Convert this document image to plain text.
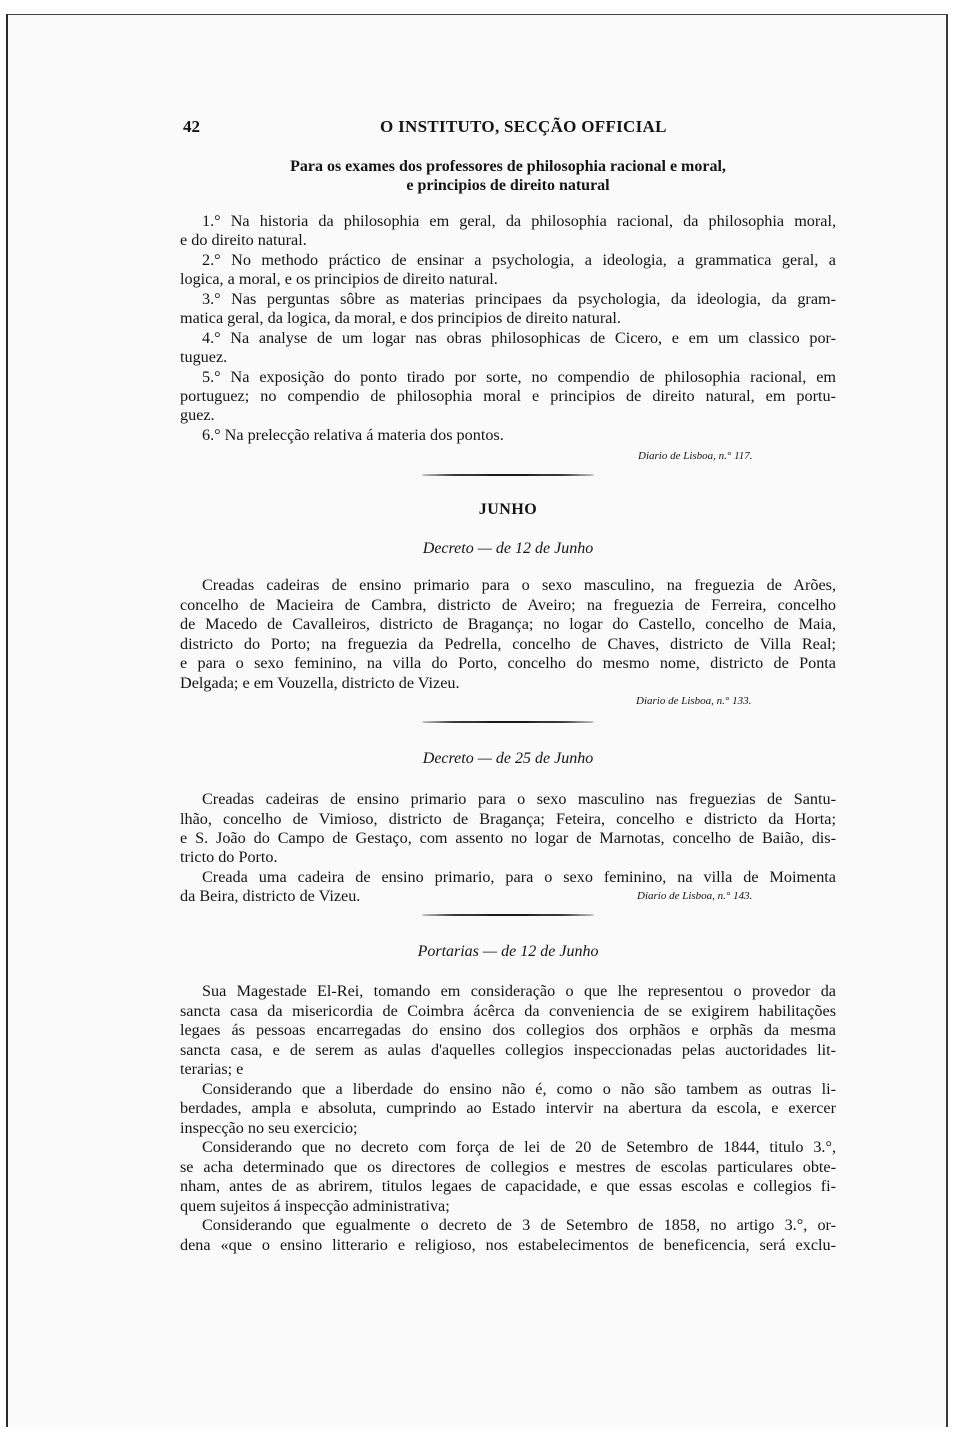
42	O INSTITUTO, SECÇÃO OFFICIAL
Para os exames dos professores de philosophia racional e moral,
e principios de direito natural
1.° Na historia da philosophia em geral, da philosophia racional, da philosophia moral,
e do direito natural.
2.° No methodo práctico de ensinar a psychologia, a ideologia, a grammatica geral, a
logica, a moral, e os principios de direito natural.
3.° Nas perguntas sôbre as materias principaes da psychologia, da ideologia, da gram-
matica geral, da logica, da moral, e dos principios de direito natural.
4.° Na analyse de um logar nas obras philosophicas de Cicero, e em um classico por-
tuguez.
5.° Na exposição do ponto tirado por sorte, no compendio de philosophia racional, em
portuguez; no compendio de philosophia moral e principios de direito natural, em portu-
guez.
6.° Na prelecção relativa á materia dos pontos.
Diario de Lisboa, n.° 117.
JUNHO
Decreto — de 12 de Junho
Creadas cadeiras de ensino primario para o sexo masculino, na freguezia de Arões,
concelho de Macieira de Cambra, districto de Aveiro; na freguezia de Ferreira, concelho
de Macedo de Cavalleiros, districto de Bragança; no logar do Castello, concelho de Maia,
districto do Porto; na freguezia da Pedrella, concelho de Chaves, districto de Villa Real;
e para o sexo feminino, na villa do Porto, concelho do mesmo nome, districto de Ponta
Delgada; e em Vouzella, districto de Vizeu.
Diario de Lisboa, n.° 133.
Decreto — de 25 de Junho
Creadas cadeiras de ensino primario para o sexo masculino nas freguezias de Santu-
lhão, concelho de Vimioso, districto de Bragança; Feteira, concelho e districto da Horta;
e S. João do Campo de Gestaço, com assento no logar de Marnotas, concelho de Baião, dis-
tricto do Porto.
Creada uma cadeira de ensino primario, para o sexo feminino, na villa de Moimenta
da Beira, districto de Vizeu.	Diario de Lisboa, n.° 143.
Portarias — de 12 de Junho
Sua Magestade El-Rei, tomando em consideração o que lhe representou o provedor da
sancta casa da misericordia de Coimbra ácêrca da conveniencia de se exigirem habilitações
legaes ás pessoas encarregadas do ensino dos collegios dos orphãos e orphãs da mesma
sancta casa, e de serem as aulas d'aquelles collegios inspeccionadas pelas auctoridades lit-
terarias; e
Considerando que a liberdade do ensino não é, como o não são tambem as outras li-
berdades, ampla e absoluta, cumprindo ao Estado intervir na abertura da escola, e exercer
inspecção no seu exercicio;
Considerando que no decreto com força de lei de 20 de Setembro de 1844, titulo 3.°,
se acha determinado que os directores de collegios e mestres de escolas particulares obte-
nham, antes de as abrirem, titulos legaes de capacidade, e que essas escolas e collegios fi-
quem sujeitos á inspecção administrativa;
Considerando que egualmente o decreto de 3 de Setembro de 1858, no artigo 3.°, or-
dena «que o ensino litterario e religioso, nos estabelecimentos de beneficencia, será exclu-
